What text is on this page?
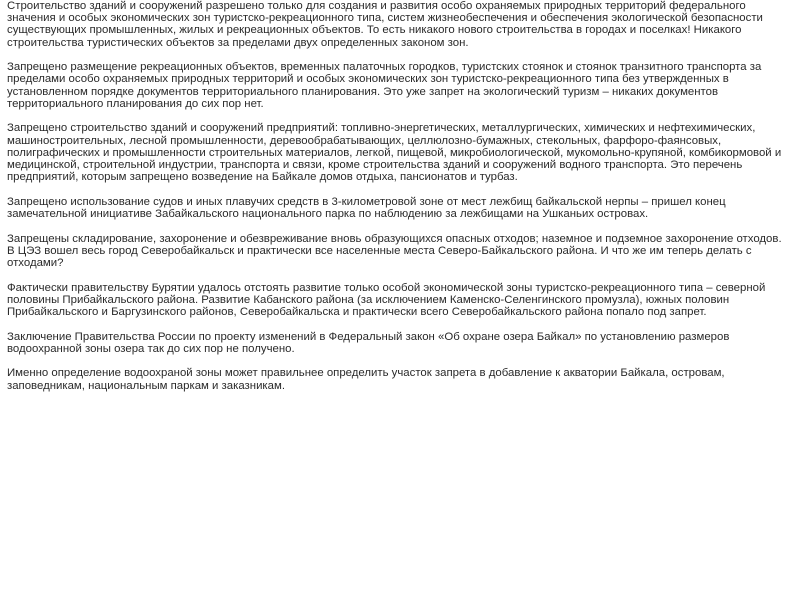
Строительство зданий и сооружений разрешено только для создания и развития особо охраняемых природных территорий федерального значения и особых экономических зон туристско-рекреационного типа, систем жизнеобеспечения и обеспечения экологической безопасности существующих промышленных, жилых и рекреационных объектов. То есть никакого нового строительства в городах и поселках! Никакого строительства туристических объектов за пределами двух определенных законом зон.

Запрещено размещение рекреационных объектов, временных палаточных городков, туристских стоянок и стоянок транзитного транспорта за пределами особо охраняемых природных территорий и особых экономических зон туристско-рекреационного типа без утвержденных в установленном порядке документов территориального планирования. Это уже запрет на экологический туризм – никаких документов территориального планирования до сих пор нет.

Запрещено строительство зданий и сооружений предприятий: топливно-энергетических, металлургических, химических и нефтехимических, машиностроительных, лесной промышленности, деревообрабатывающих, целлюлозно-бумажных, стекольных, фарфоро-фаянсовых, полиграфических и промышленности строительных материалов, легкой, пищевой, микробиологической, мукомольно-крупяной, комбикормовой и медицинской, строительной индустрии, транспорта и связи, кроме строительства зданий и сооружений водного транспорта. Это перечень предприятий, которым запрещено возведение на Байкале домов отдыха, пансионатов и турбаз.

Запрещено использование судов и иных плавучих средств в 3-километровой зоне от мест лежбищ байкальской нерпы – пришел конец замечательной инициативе Забайкальского национального парка по наблюдению за лежбищами на Ушканьих островах.

Запрещены складирование, захоронение и обезвреживание вновь образующихся опасных отходов; наземное и подземное захоронение отходов. В ЦЭЗ вошел весь город Северобайкальск и практически все населенные места Северо-Байкальского района. И что же им теперь делать с отходами?

Фактически правительству Бурятии удалось отстоять развитие только особой экономической зоны туристско-рекреационного типа – северной половины Прибайкальского района. Развитие Кабанского района (за исключением Каменско-Селенгинского промузла), южных половин Прибайкальского и Баргузинского районов, Северобайкальска и практически всего Северобайкальского района попало под запрет.

Заключение Правительства России по проекту изменений в Федеральный закон «Об охране озера Байкал» по установлению размеров водоохранной зоны озера так до сих пор не получено.

Именно определение водоохраной зоны может правильнее определить участок запрета в добавление к акватории Байкала, островам, заповедникам, национальным паркам и заказникам.
